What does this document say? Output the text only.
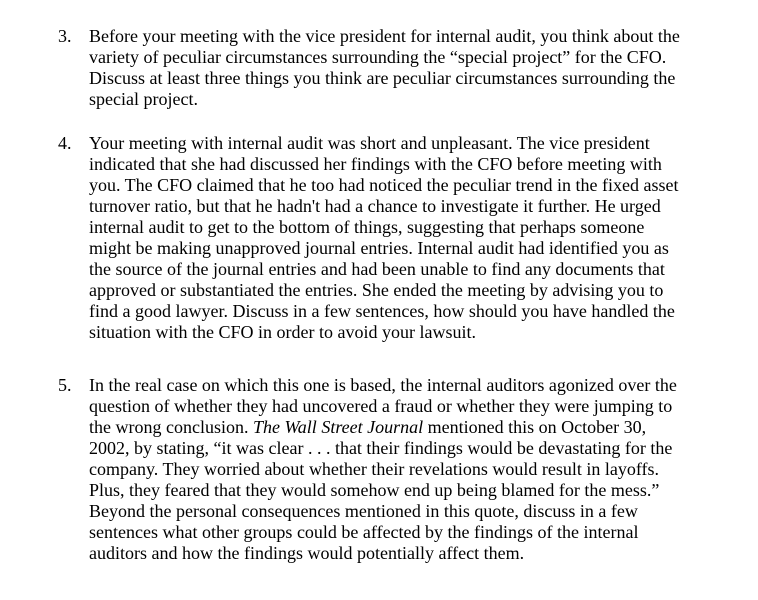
3. Before your meeting with the vice president for internal audit, you think about the
variety of peculiar circumstances surrounding the “special project” for the CFO.
Discuss at least three things you think are peculiar circumstances surrounding the
special project.
4. Your meeting with internal audit was short and unpleasant. The vice president
indicated that she had discussed her findings with the CFO before meeting with
you. The CFO claimed that he too had noticed the peculiar trend in the fixed asset
turnover ratio, but that he hadn't had a chance to investigate it further. He urged
internal audit to get to the bottom of things, suggesting that perhaps someone
might be making unapproved journal entries. Internal audit had identified you as
the source of the journal entries and had been unable to find any documents that
approved or substantiated the entries. She ended the meeting by advising you to
find a good lawyer. Discuss in a few sentences, how should you have handled the
situation with the CFO in order to avoid your lawsuit.
5. In the real case on which this one is based, the internal auditors agonized over the
question of whether they had uncovered a fraud or whether they were jumping to
the wrong conclusion. The Wall Street Journal mentioned this on October 30,
2002, by stating, “it was clear . . . that their findings would be devastating for the
company. They worried about whether their revelations would result in layoffs.
Plus, they feared that they would somehow end up being blamed for the mess.”
Beyond the personal consequences mentioned in this quote, discuss in a few
sentences what other groups could be affected by the findings of the internal
auditors and how the findings would potentially affect them.
